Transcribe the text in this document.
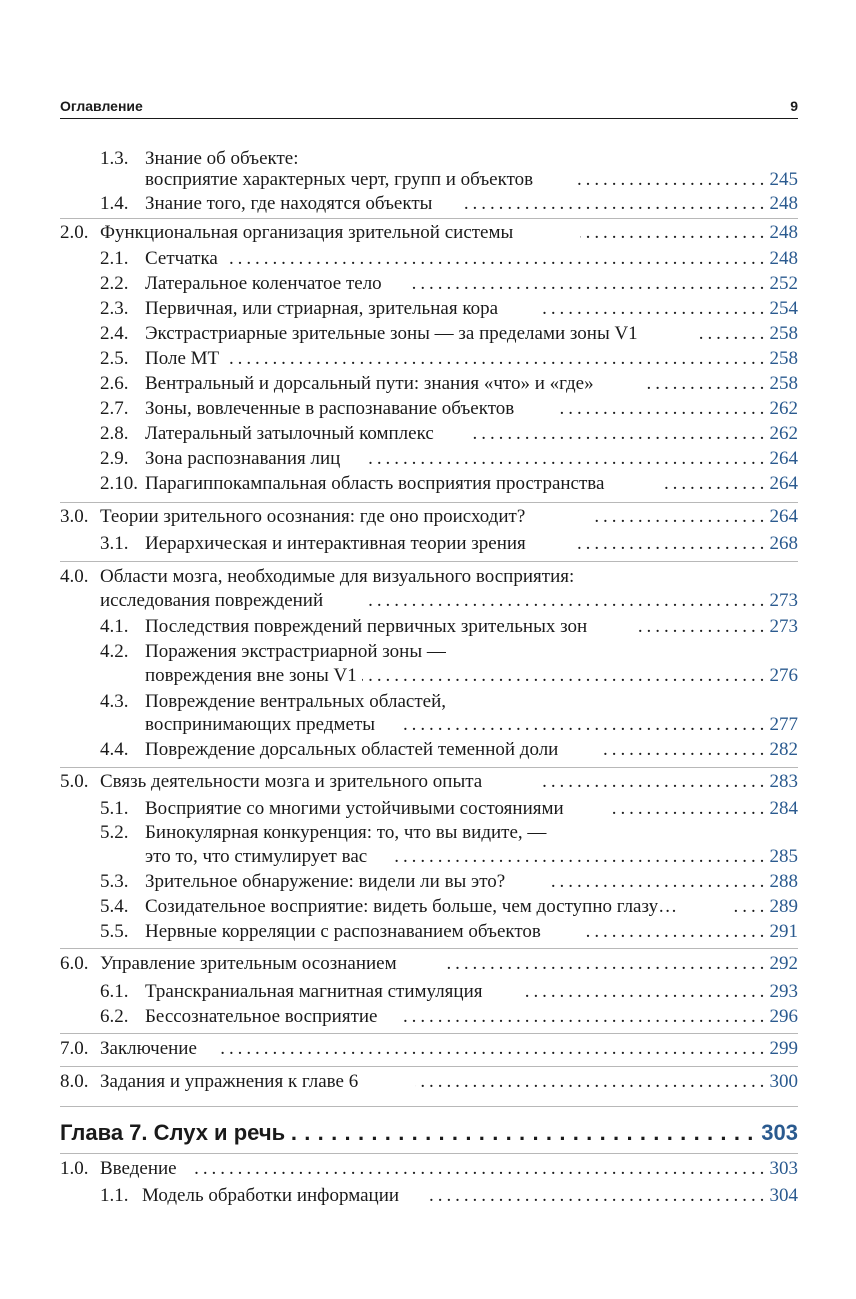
Оглавление	9
1.3. Знание об объекте:
восприятие характерных черт, групп и объектов . . .	245
1.4. Знание того, где находятся объекты . . .	248
2.0. Функциональная организация зрительной системы . . .	248
2.1. Сетчатка . . .	248
2.2. Латеральное коленчатое тело . . .	252
2.3. Первичная, или стриарная, зрительная кора . . .	254
2.4. Экстрастриарные зрительные зоны — за пределами зоны V1 . . .	258
2.5. Поле MT . . .	258
2.6. Вентральный и дорсальный пути: знания «что» и «где» . . .	258
2.7. Зоны, вовлеченные в распознавание объектов . . .	262
2.8. Латеральный затылочный комплекс . . .	262
2.9. Зона распознавания лиц . . .	264
2.10. Парагиппокампальная область восприятия пространства . . .	264
3.0. Теории зрительного осознания: где оно происходит? . . .	264
3.1. Иерархическая и интерактивная теории зрения . . .	268
4.0. Области мозга, необходимые для визуального восприятия:
исследования повреждений . . .	273
4.1. Последствия повреждений первичных зрительных зон . . .	273
4.2. Поражения экстрастриарной зоны —
повреждения вне зоны V1 . . .	276
4.3. Повреждение вентральных областей,
воспринимающих предметы . . .	277
4.4. Повреждение дорсальных областей теменной доли . . .	282
5.0. Связь деятельности мозга и зрительного опыта . . .	283
5.1. Восприятие со многими устойчивыми состояниями . . .	284
5.2. Бинокулярная конкуренция: то, что вы видите, —
это то, что стимулирует вас . . .	285
5.3. Зрительное обнаружение: видели ли вы это? . . .	288
5.4. Созидательное восприятие: видеть больше, чем доступно глазу… . . .	289
5.5. Нервные корреляции с распознаванием объектов . . .	291
6.0. Управление зрительным осознанием . . .	292
6.1. Транскраниальная магнитная стимуляция . . .	293
6.2. Бессознательное восприятие . . .	296
7.0. Заключение . . .	299
8.0. Задания и упражнения к главе 6 . . .	300
Глава 7. Слух и речь . . .	303
1.0. Введение . . .	303
1.1. Модель обработки информации . . .	304
